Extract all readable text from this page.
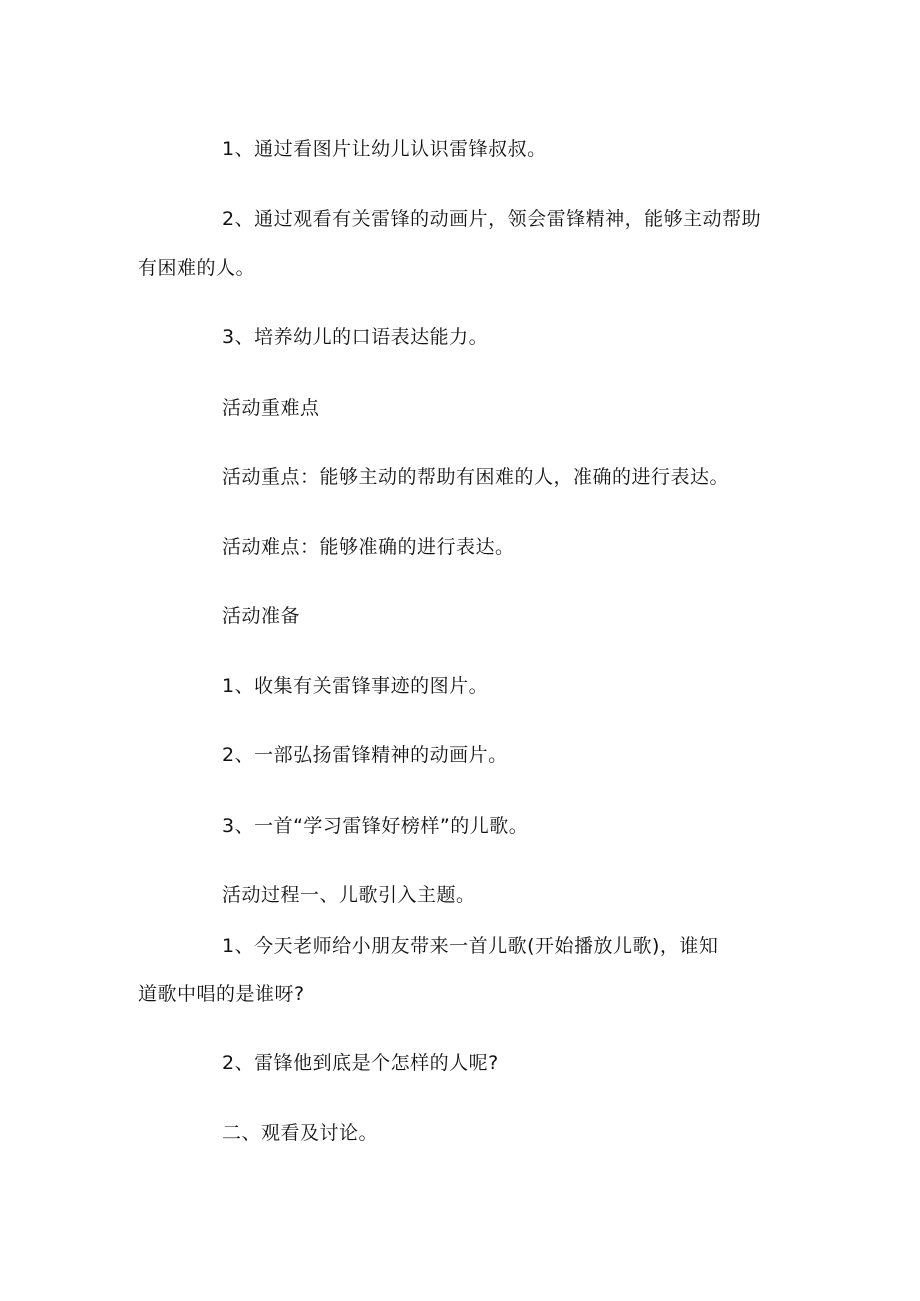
1、通过看图片让幼儿认识雷锋叔叔。
2、通过观看有关雷锋的动画片，领会雷锋精神，能够主动帮助
有困难的人。
3、培养幼儿的口语表达能力。
活动重难点
活动重点：能够主动的帮助有困难的人，准确的进行表达。
活动难点：能够准确的进行表达。
活动准备
1、收集有关雷锋事迹的图片。
2、一部弘扬雷锋精神的动画片。
3、一首“学习雷锋好榜样”的儿歌。
活动过程一、儿歌引入主题。
1、今天老师给小朋友带来一首儿歌(开始播放儿歌)，谁知
道歌中唱的是谁呀?
2、雷锋他到底是个怎样的人呢?
二、观看及讨论。
